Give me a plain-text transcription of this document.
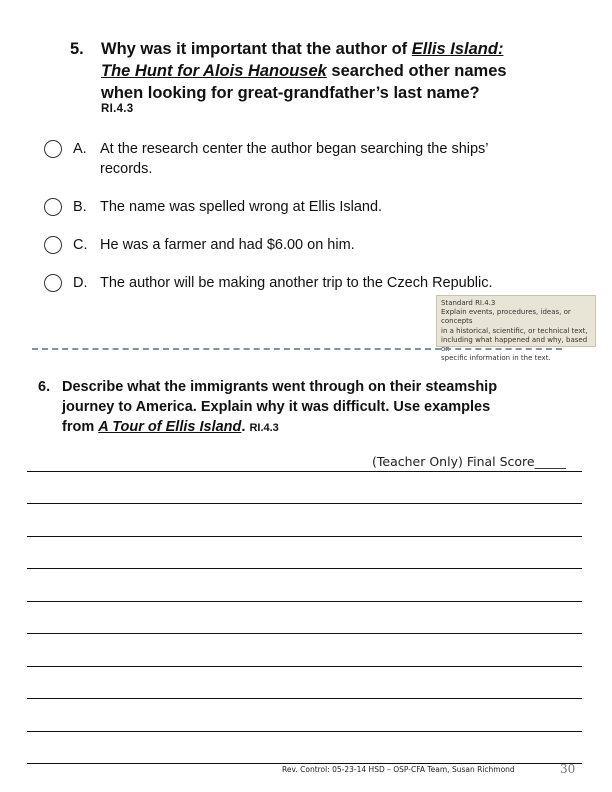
5.	Why was it important that the author of Ellis Island:
The Hunt for Alois Hanousek searched other names
when looking for great-grandfather’s last name?
RI.4.3
A. At the research center the author began searching the ships’
records.
B. The name was spelled wrong at Ellis Island.
C. He was a farmer and had $6.00 on him.
D. The author will be making another trip to the Czech Republic.
Standard RI.4.3
Explain events, procedures, ideas, or concepts
in a historical, scientific, or technical text,
including what happened and why, based on
specific information in the text.
6. Describe what the immigrants went through on their steamship
journey to America. Explain why it was difficult. Use examples
from A Tour of Ellis Island. RI.4.3
(Teacher Only) Final Score_____
Rev. Control: 05-23-14 HSD – OSP-CFA Team, Susan Richmond	30
